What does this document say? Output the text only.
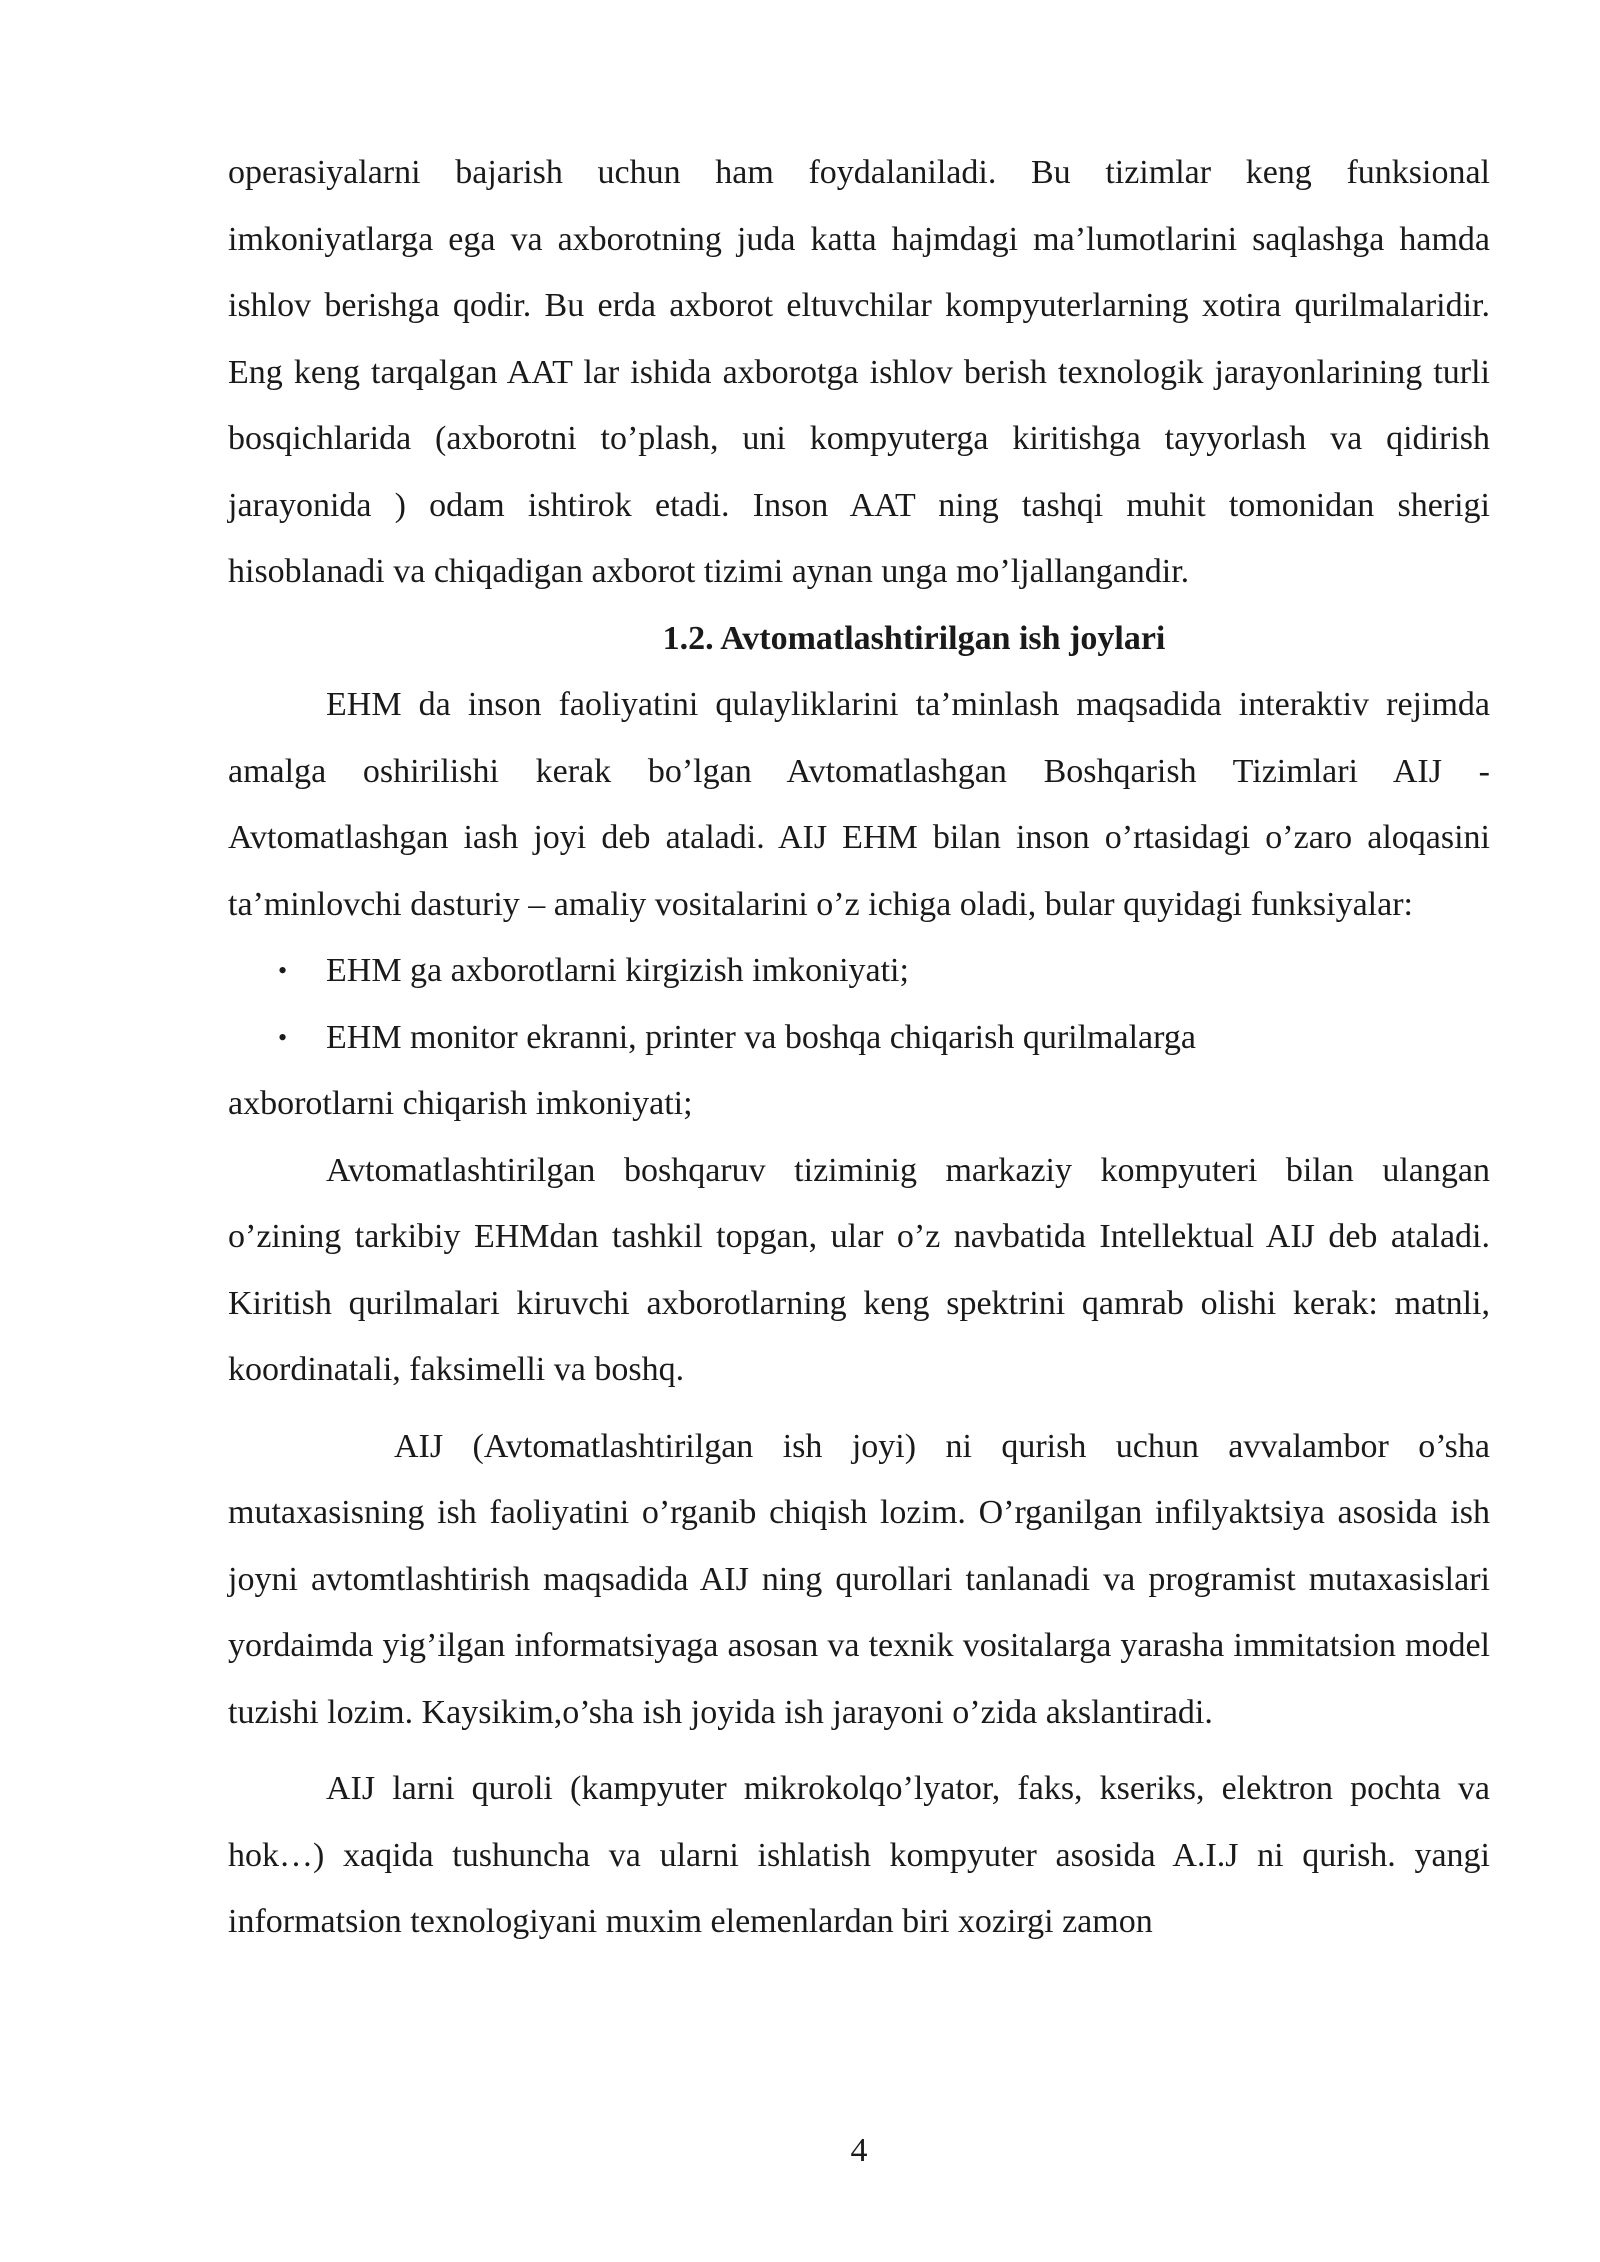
operasiyalarni bajarish uchun ham foydalaniladi. Bu tizimlar keng funksional imkoniyatlarga ega va axborotning juda katta hajmdagi ma’lumotlarini saqlashga hamda ishlov berishga qodir. Bu erda axborot eltuvchilar kompyuterlarning xotira qurilmalaridir. Eng keng tarqalgan AAT lar ishida axborotga ishlov berish texnologik jarayonlarining turli bosqichlarida (axborotni to’plash, uni kompyuterga kiritishga tayyorlash va qidirish jarayonida ) odam ishtirok etadi. Inson AAT ning tashqi muhit tomonidan sherigi hisoblanadi va chiqadigan axborot tizimi aynan unga mo’ljallangandir.

1.2. Avtomatlashtirilgan ish joylari

EHM da inson faoliyatini qulayliklarini ta’minlash maqsadida interaktiv rejimda amalga oshirilishi kerak bo’lgan Avtomatlashgan Boshqarish Tizimlari AIJ - Avtomatlashgan iash joyi deb ataladi. AIJ EHM bilan inson o’rtasidagi o’zaro aloqasini ta’minlovchi dasturiy – amaliy vositalarini o’z ichiga oladi, bular quyidagi funksiyalar:

• EHM ga axborotlarni kirgizish imkoniyati;
• EHM monitor ekranni, printer va boshqa chiqarish qurilmalarga

axborotlarni chiqarish imkoniyati;

Avtomatlashtirilgan boshqaruv tiziminig markaziy kompyuteri bilan ulangan o’zining tarkibiy EHMdan tashkil topgan, ular o’z navbatida Intellektual AIJ deb ataladi. Kiritish qurilmalari kiruvchi axborotlarning keng spektrini qamrab olishi kerak: matnli, koordinatali, faksimelli va boshq.

AIJ (Avtomatlashtirilgan ish joyi) ni qurish uchun avvalambor o’sha mutaxasisning ish faoliyatini o’rganib chiqish lozim. O’rganilgan infilyaktsiya asosida ish joyni avtomtlashtirish maqsadida AIJ ning qurollari tanlanadi va programist mutaxasislari yordaimda yig’ilgan informatsiyaga asosan va texnik vositalarga yarasha immitatsion model tuzishi lozim. Kaysikim,o’sha ish joyida ish jarayoni o’zida akslantiradi.

AIJ larni quroli (kampyuter mikrokolqo’lyator, faks, kseriks, elektron pochta va hok…) xaqida tushuncha va ularni ishlatish kompyuter asosida A.I.J ni qurish. yangi informatsion texnologiyani muxim elemenlardan biri xozirgi zamon

4
